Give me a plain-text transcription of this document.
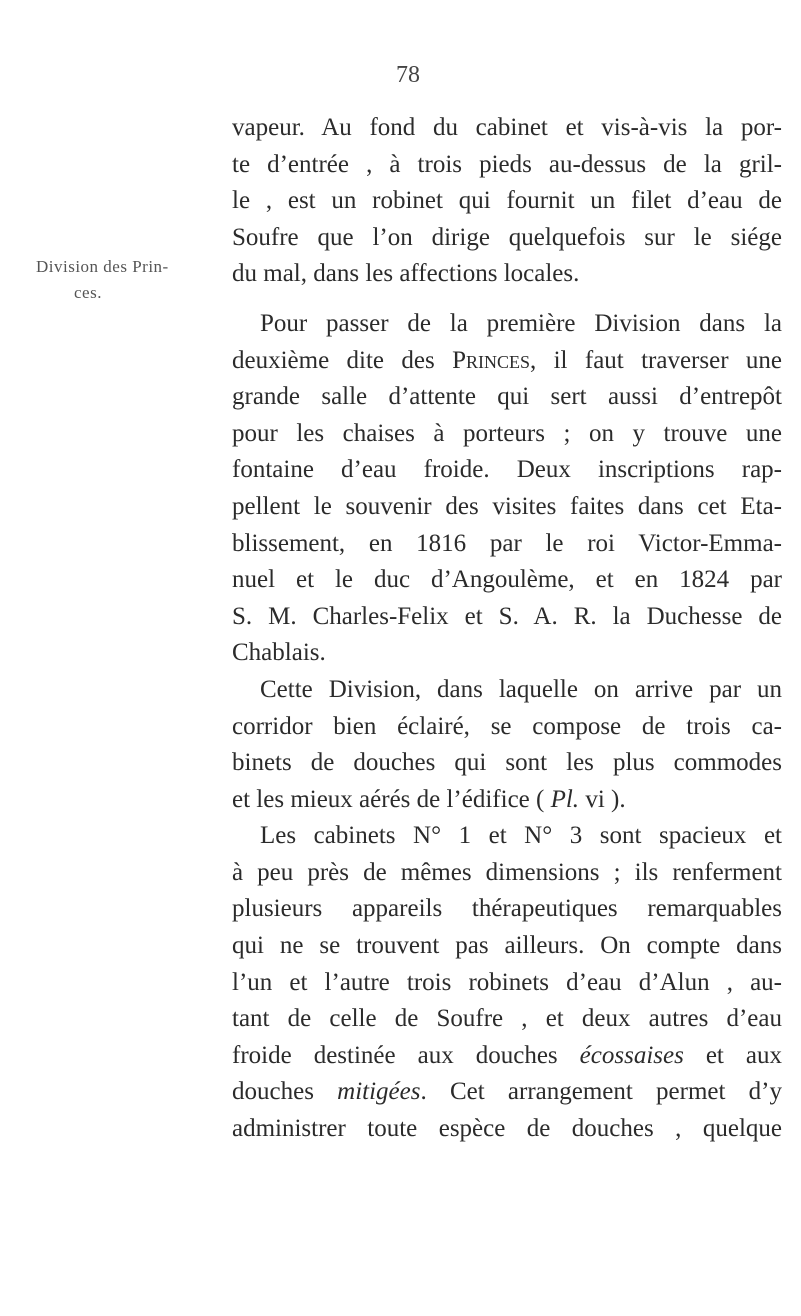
78
Division des Prin-
ces.
vapeur. Au fond du cabinet et vis-à-vis la por-
te d’entrée , à trois pieds au-dessus de la gril-
le , est un robinet qui fournit un filet d’eau de
Soufre que l’on dirige quelquefois sur le siége
du mal, dans les affections locales.
Pour passer de la première Division dans la
deuxième dite des Princes, il faut traverser une
grande salle d’attente qui sert aussi d’entrepôt
pour les chaises à porteurs ; on y trouve une
fontaine d’eau froide. Deux inscriptions rap-
pellent le souvenir des visites faites dans cet Eta-
blissement, en 1816 par le roi Victor-Emma-
nuel et le duc d’Angoulème, et en 1824 par
S. M. Charles-Felix et S. A. R. la Duchesse de
Chablais.
Cette Division, dans laquelle on arrive par un
corridor bien éclairé, se compose de trois ca-
binets de douches qui sont les plus commodes
et les mieux aérés de l’édifice ( Pl. vi ).
Les cabinets N° 1 et N° 3 sont spacieux et
à peu près de mêmes dimensions ; ils renferment
plusieurs appareils thérapeutiques remarquables
qui ne se trouvent pas ailleurs. On compte dans
l’un et l’autre trois robinets d’eau d’Alun , au-
tant de celle de Soufre , et deux autres d’eau
froide destinée aux douches écossaises et aux
douches mitigées. Cet arrangement permet d’y
administrer toute espèce de douches , quelque
